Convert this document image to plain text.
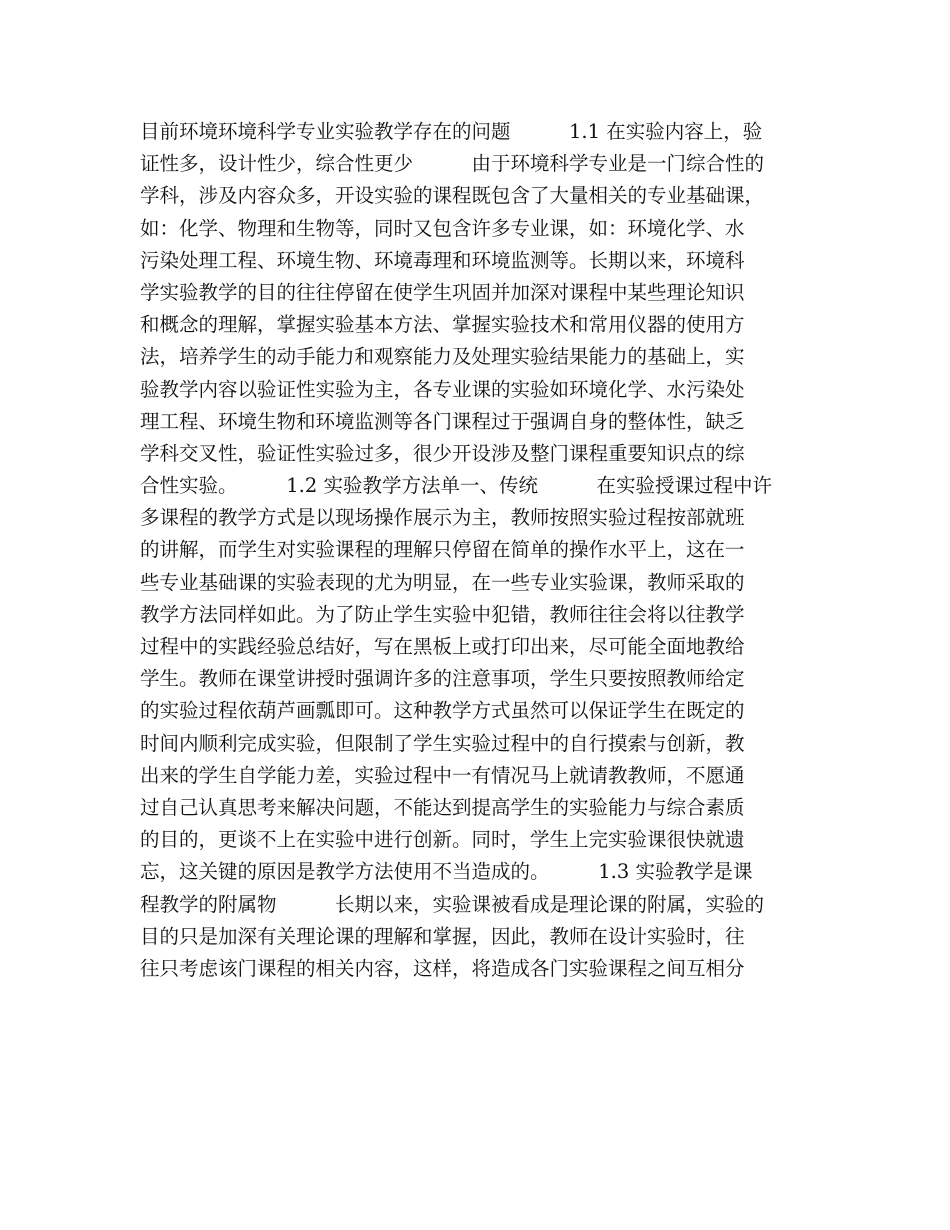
目前环境环境科学专业实验教学存在的问题　　　1.1 在实验内容上，验
证性多，设计性少，综合性更少　　　由于环境科学专业是一门综合性的
学科，涉及内容众多，开设实验的课程既包含了大量相关的专业基础课，
如：化学、物理和生物等，同时又包含许多专业课，如：环境化学、水
污染处理工程、环境生物、环境毒理和环境监测等。长期以来，环境科
学实验教学的目的往往停留在使学生巩固并加深对课程中某些理论知识
和概念的理解，掌握实验基本方法、掌握实验技术和常用仪器的使用方
法，培养学生的动手能力和观察能力及处理实验结果能力的基础上，实
验教学内容以验证性实验为主，各专业课的实验如环境化学、水污染处
理工程、环境生物和环境监测等各门课程过于强调自身的整体性，缺乏
学科交叉性，验证性实验过多，很少开设涉及整门课程重要知识点的综
合性实验。　　　1.2 实验教学方法单一、传统　　　在实验授课过程中许
多课程的教学方式是以现场操作展示为主，教师按照实验过程按部就班
的讲解，而学生对实验课程的理解只停留在简单的操作水平上，这在一
些专业基础课的实验表现的尤为明显，在一些专业实验课，教师采取的
教学方法同样如此。为了防止学生实验中犯错，教师往往会将以往教学
过程中的实践经验总结好，写在黑板上或打印出来，尽可能全面地教给
学生。教师在课堂讲授时强调许多的注意事项，学生只要按照教师给定
的实验过程依葫芦画瓢即可。这种教学方式虽然可以保证学生在既定的
时间内顺利完成实验，但限制了学生实验过程中的自行摸索与创新，教
出来的学生自学能力差，实验过程中一有情况马上就请教教师，不愿通
过自己认真思考来解决问题，不能达到提高学生的实验能力与综合素质
的目的，更谈不上在实验中进行创新。同时，学生上完实验课很快就遗
忘，这关键的原因是教学方法使用不当造成的。　　　1.3 实验教学是课
程教学的附属物　　　长期以来，实验课被看成是理论课的附属，实验的
目的只是加深有关理论课的理解和掌握，因此，教师在设计实验时，往
往只考虑该门课程的相关内容，这样，将造成各门实验课程之间互相分
